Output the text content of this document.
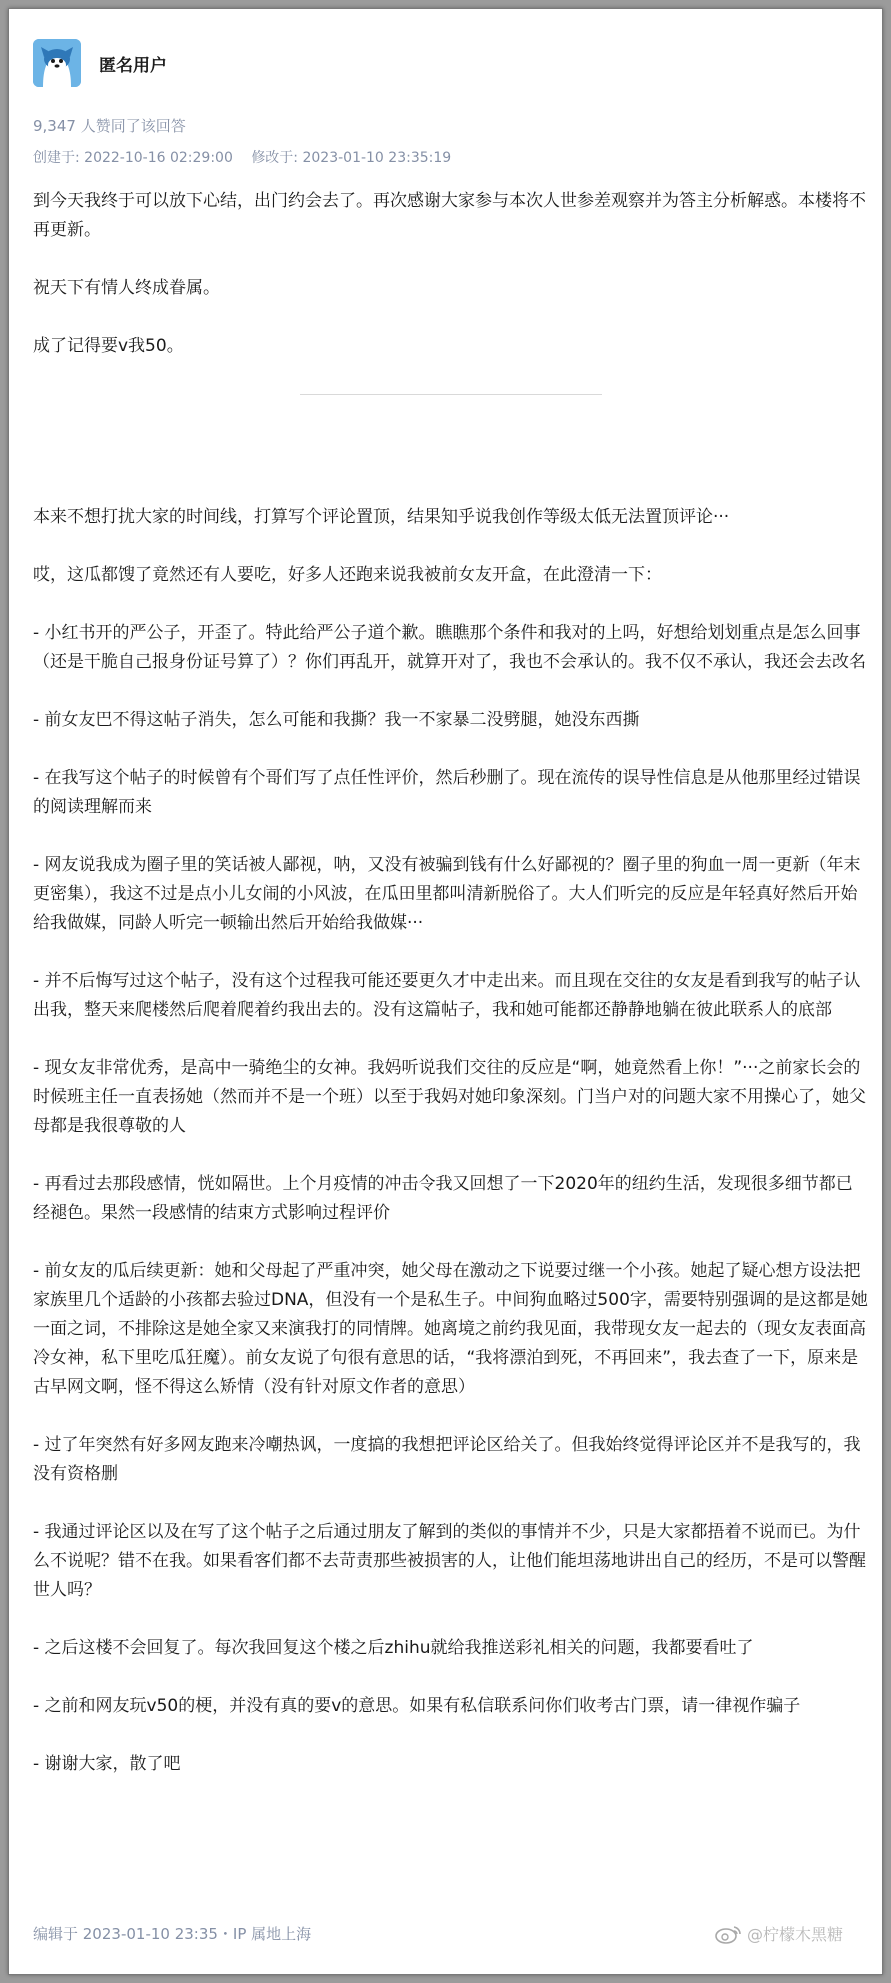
匿名用户
9,347 人赞同了该回答
创建于: 2022-10-16 02:29:00 修改于: 2023-01-10 23:35:19

到今天我终于可以放下心结，出门约会去了。再次感谢大家参与本次人世参差观察并为答主分析解惑。本楼将不再更新。

祝天下有情人终成眷属。

成了记得要v我50。

本来不想打扰大家的时间线，打算写个评论置顶，结果知乎说我创作等级太低无法置顶评论···

哎，这瓜都馊了竟然还有人要吃，好多人还跑来说我被前女友开盒，在此澄清一下：

- 小红书开的严公子，开歪了。特此给严公子道个歉。瞧瞧那个条件和我对的上吗，好想给划划重点是怎么回事（还是干脆自己报身份证号算了）？你们再乱开，就算开对了，我也不会承认的。我不仅不承认，我还会去改名

- 前女友巴不得这帖子消失，怎么可能和我撕？我一不家暴二没劈腿，她没东西撕

- 在我写这个帖子的时候曾有个哥们写了点任性评价，然后秒删了。现在流传的误导性信息是从他那里经过错误的阅读理解而来

- 网友说我成为圈子里的笑话被人鄙视，呐，又没有被骗到钱有什么好鄙视的？圈子里的狗血一周一更新（年末更密集），我这不过是点小儿女闹的小风波，在瓜田里都叫清新脱俗了。大人们听完的反应是年轻真好然后开始给我做媒，同龄人听完一顿输出然后开始给我做媒···

- 并不后悔写过这个帖子，没有这个过程我可能还要更久才中走出来。而且现在交往的女友是看到我写的帖子认出我，整天来爬楼然后爬着爬着约我出去的。没有这篇帖子，我和她可能都还静静地躺在彼此联系人的底部

- 现女友非常优秀，是高中一骑绝尘的女神。我妈听说我们交往的反应是“啊，她竟然看上你！”···之前家长会的时候班主任一直表扬她（然而并不是一个班）以至于我妈对她印象深刻。门当户对的问题大家不用操心了，她父母都是我很尊敬的人

- 再看过去那段感情，恍如隔世。上个月疫情的冲击令我又回想了一下2020年的纽约生活，发现很多细节都已经褪色。果然一段感情的结束方式影响过程评价

- 前女友的瓜后续更新：她和父母起了严重冲突，她父母在激动之下说要过继一个小孩。她起了疑心想方设法把家族里几个适龄的小孩都去验过DNA，但没有一个是私生子。中间狗血略过500字，需要特别强调的是这都是她一面之词，不排除这是她全家又来演我打的同情牌。她离境之前约我见面，我带现女友一起去的（现女友表面高冷女神，私下里吃瓜狂魔）。前女友说了句很有意思的话，“我将漂泊到死，不再回来”，我去查了一下，原来是古早网文啊，怪不得这么矫情（没有针对原文作者的意思）

- 过了年突然有好多网友跑来冷嘲热讽，一度搞的我想把评论区给关了。但我始终觉得评论区并不是我写的，我没有资格删

- 我通过评论区以及在写了这个帖子之后通过朋友了解到的类似的事情并不少，只是大家都捂着不说而已。为什么不说呢？错不在我。如果看客们都不去苛责那些被损害的人，让他们能坦荡地讲出自己的经历，不是可以警醒世人吗？

- 之后这楼不会回复了。每次我回复这个楼之后zhihu就给我推送彩礼相关的问题，我都要看吐了

- 之前和网友玩v50的梗，并没有真的要v的意思。如果有私信联系问你们收考古门票，请一律视作骗子

- 谢谢大家，散了吧

编辑于 2023-01-10 23:35・IP 属地上海	@柠檬木黑糖
